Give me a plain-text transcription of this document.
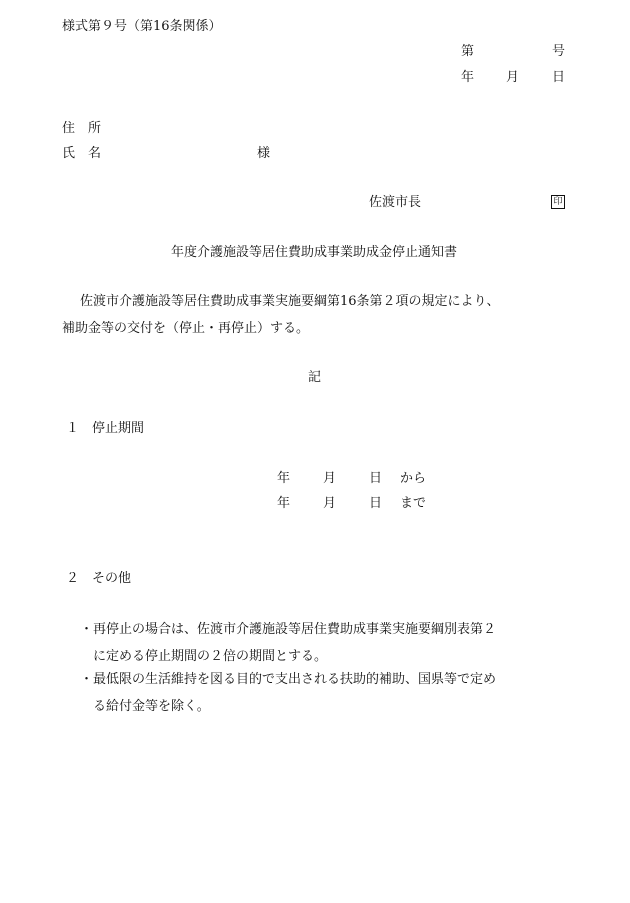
様式第９号（第16条関係）
第	号
年 月	日
住　所
氏　名	様
佐渡市長	印
年度介護施設等居住費助成事業助成金停止通知書
佐渡市介護施設等居住費助成事業実施要綱第16条第２項の規定により、
補助金等の交付を（停止・再停止）する。
記
１　停止期間
年	月	日 から
年	月	日 まで
２　その他
・再停止の場合は、佐渡市介護施設等居住費助成事業実施要綱別表第２
に定める停止期間の２倍の期間とする。
・最低限の生活維持を図る目的で支出される扶助的補助、国県等で定め
る給付金等を除く。
